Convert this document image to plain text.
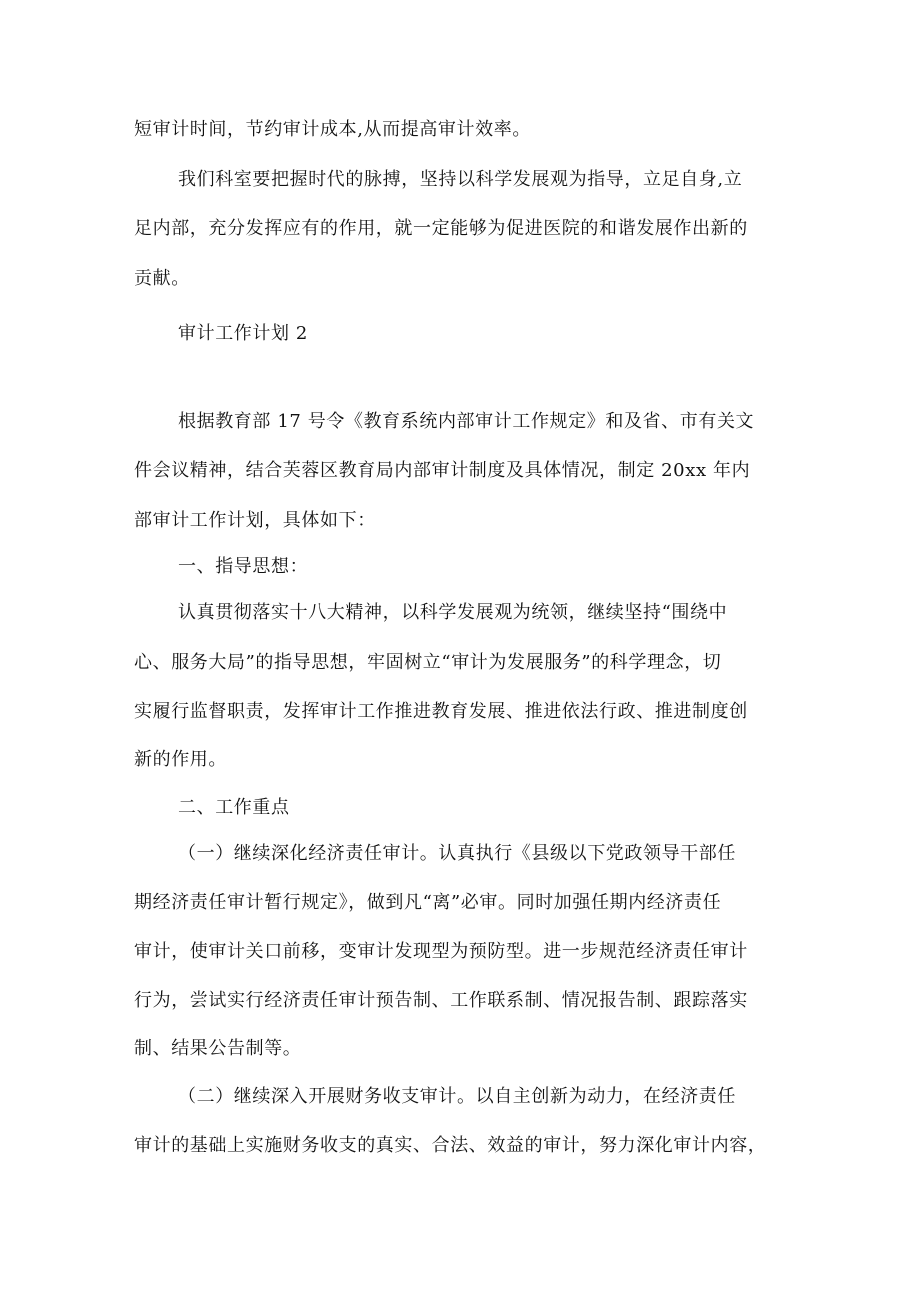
短审计时间，节约审计成本,从而提高审计效率。
我们科室要把握时代的脉搏，坚持以科学发展观为指导，立足自身,立
足内部，充分发挥应有的作用，就一定能够为促进医院的和谐发展作出新的
贡献。
审计工作计划 2
根据教育部 17 号令《教育系统内部审计工作规定》和及省、市有关文
件会议精神，结合芙蓉区教育局内部审计制度及具体情况，制定 20xx 年内
部审计工作计划，具体如下：
一、指导思想：
认真贯彻落实十八大精神，以科学发展观为统领，继续坚持“围绕中
心、服务大局”的指导思想，牢固树立“审计为发展服务”的科学理念，切
实履行监督职责，发挥审计工作推进教育发展、推进依法行政、推进制度创
新的作用。
二、工作重点
（一）继续深化经济责任审计。认真执行《县级以下党政领导干部任
期经济责任审计暂行规定》，做到凡“离”必审。同时加强任期内经济责任
审计，使审计关口前移，变审计发现型为预防型。进一步规范经济责任审计
行为，尝试实行经济责任审计预告制、工作联系制、情况报告制、跟踪落实
制、结果公告制等。
（二）继续深入开展财务收支审计。以自主创新为动力，在经济责任
审计的基础上实施财务收支的真实、合法、效益的审计，努力深化审计内容，
